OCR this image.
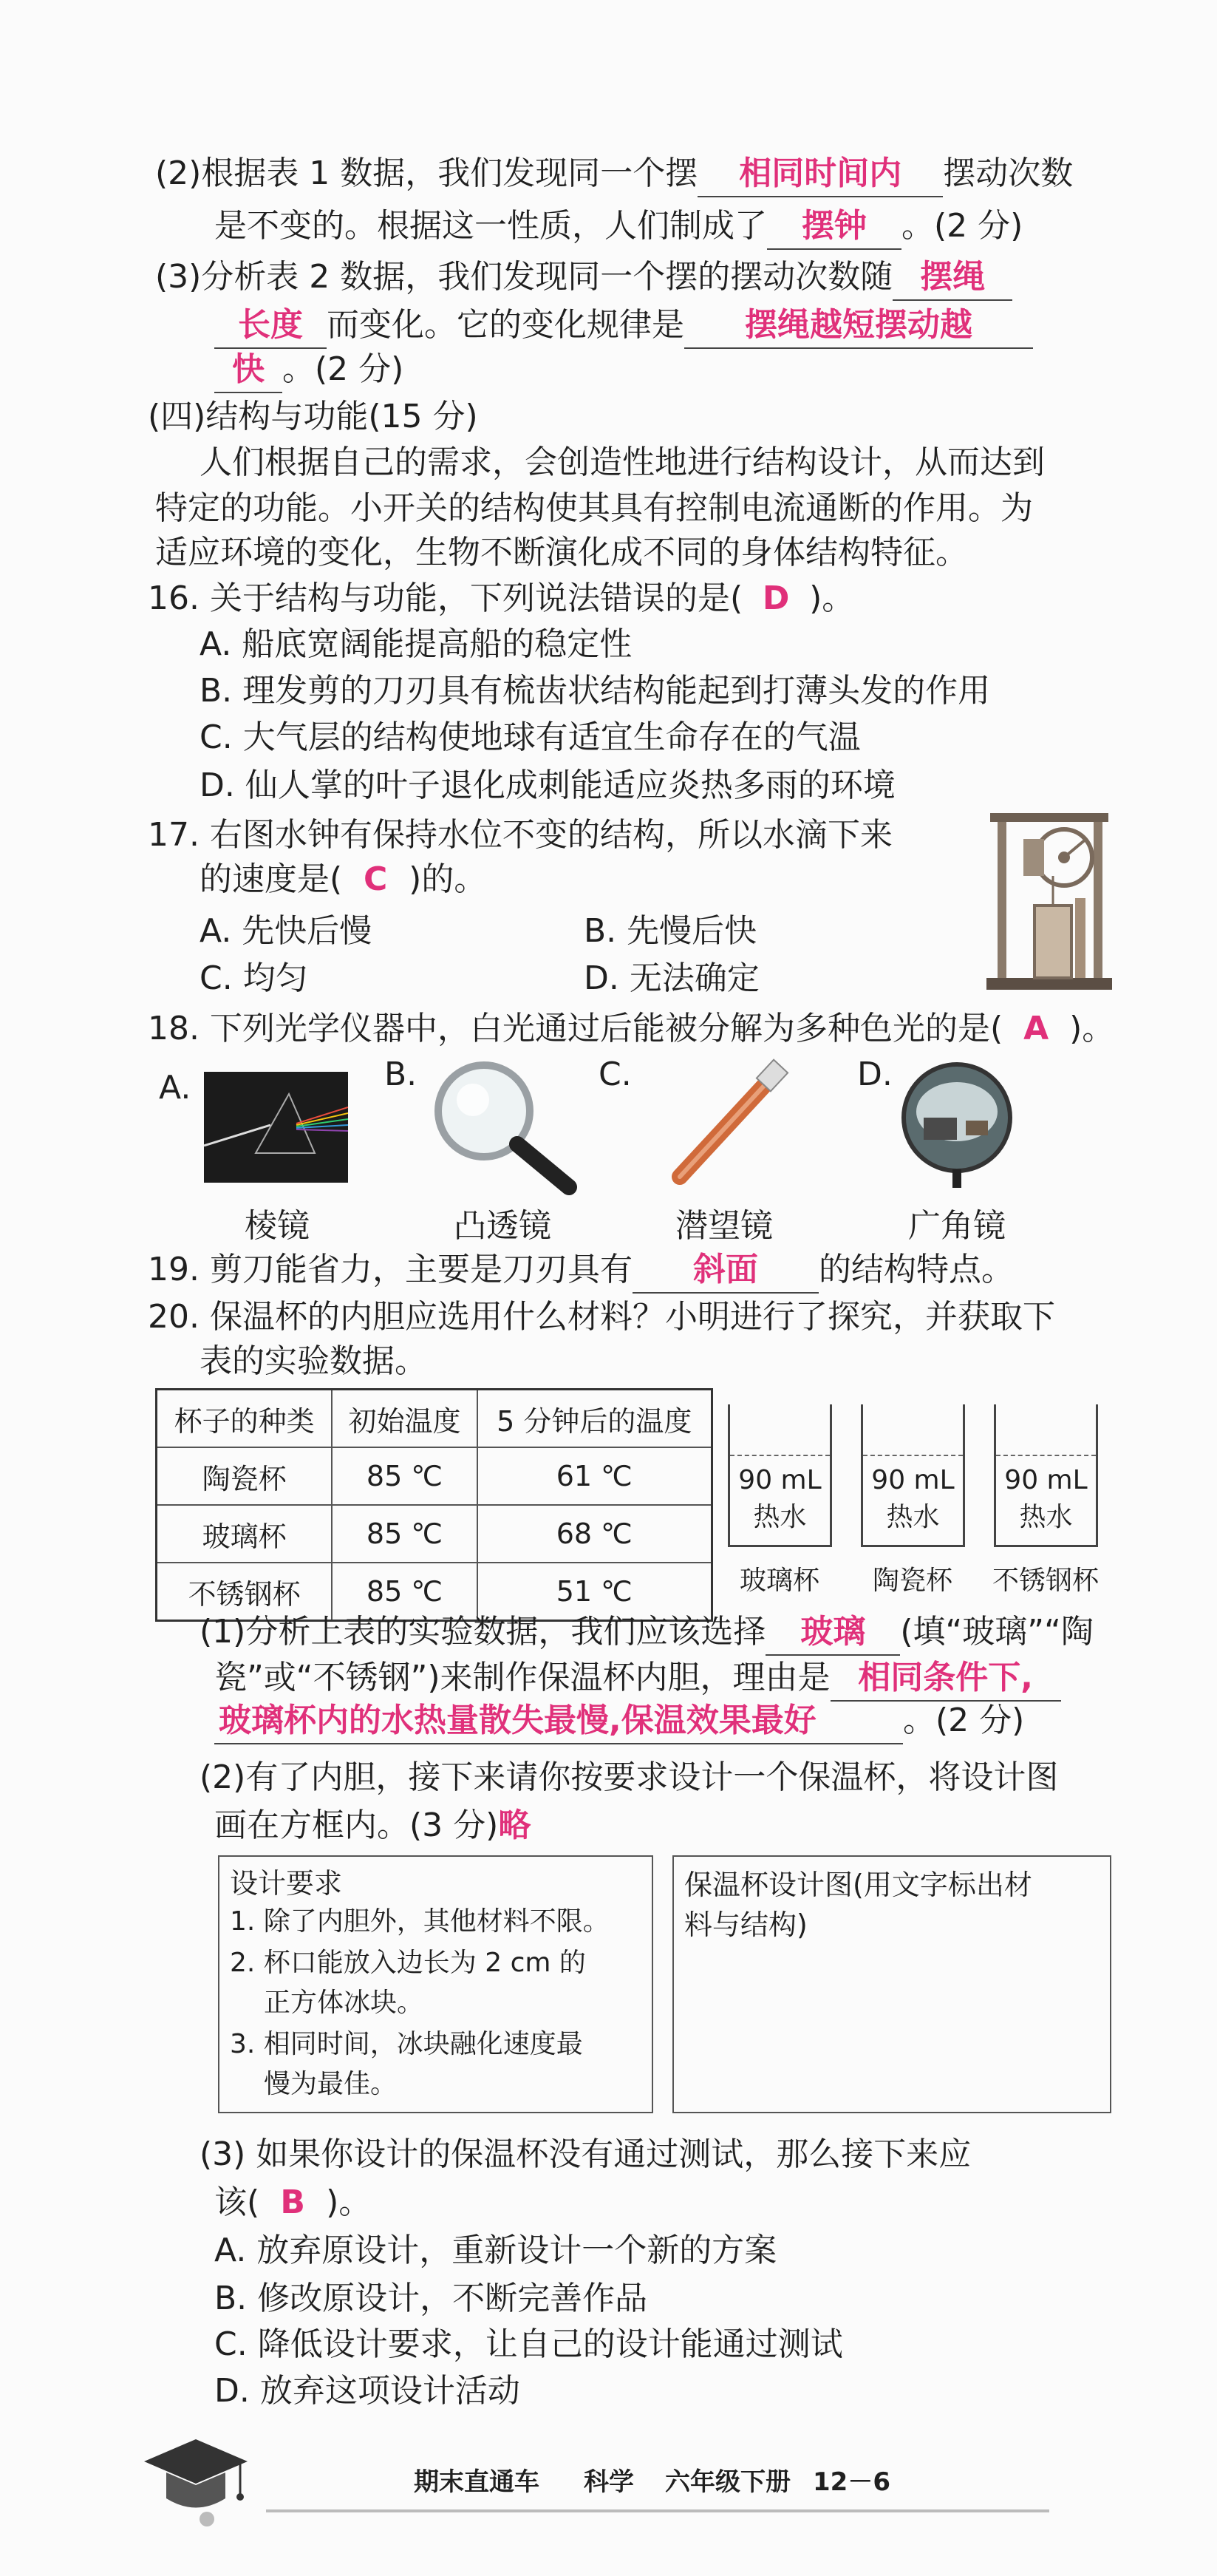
(2)根据表 1 数据，我们发现同一个摆 相同时间内 摆动次数
是不变的。根据这一性质，人们制成了 摆钟 。(2 分)
(3)分析表 2 数据，我们发现同一个摆的摆动次数随 摆绳
长度 而变化。它的变化规律是 摆绳越短摆动越
快 。(2 分)
(四)结构与功能(15 分)
人们根据自己的需求，会创造性地进行结构设计，从而达到
特定的功能。小开关的结构使其具有控制电流通断的作用。为
适应环境的变化，生物不断演化成不同的身体结构特征。
16. 关于结构与功能，下列说法错误的是( D )。
A. 船底宽阔能提高船的稳定性
B. 理发剪的刀刃具有梳齿状结构能起到打薄头发的作用
C. 大气层的结构使地球有适宜生命存在的气温
D. 仙人掌的叶子退化成刺能适应炎热多雨的环境
17. 右图水钟有保持水位不变的结构，所以水滴下来
的速度是( C )的。
A. 先快后慢	B. 先慢后快
C. 均匀	D. 无法确定
18. 下列光学仪器中，白光通过后能被分解为多种色光的是( A )。
A.	B.	C.	D.
棱镜	凸透镜	潜望镜	广角镜
19. 剪刀能省力，主要是刀刃具有 斜面 的结构特点。
20. 保温杯的内胆应选用什么材料？小明进行了探究，并获取下
表的实验数据。
杯子的种类	初始温度	5 分钟后的温度
陶瓷杯	85 ℃	61 ℃
玻璃杯	85 ℃	68 ℃
不锈钢杯	85 ℃	51 ℃
90 mL
热水
90 mL
热水
90 mL
热水
玻璃杯	陶瓷杯	不锈钢杯
(1)分析上表的实验数据，我们应该选择 玻璃 (填“玻璃”“陶
瓷”或“不锈钢”)来制作保温杯内胆，理由是 相同条件下,
玻璃杯内的水热量散失最慢,保温效果最好	。(2 分)
(2)有了内胆，接下来请你按要求设计一个保温杯，将设计图
画在方框内。(3 分)略
设计要求
1. 除了内胆外，其他材料不限。
2. 杯口能放入边长为 2 cm 的
正方体冰块。
3. 相同时间，冰块融化速度最
慢为最佳。
保温杯设计图(用文字标出材
料与结构)
(3) 如果你设计的保温杯没有通过测试，那么接下来应
该( B )。
A. 放弃原设计，重新设计一个新的方案
B. 修改原设计，不断完善作品
C. 降低设计要求，让自己的设计能通过测试
D. 放弃这项设计活动
期末直通车 科学 六年级下册 12－6
